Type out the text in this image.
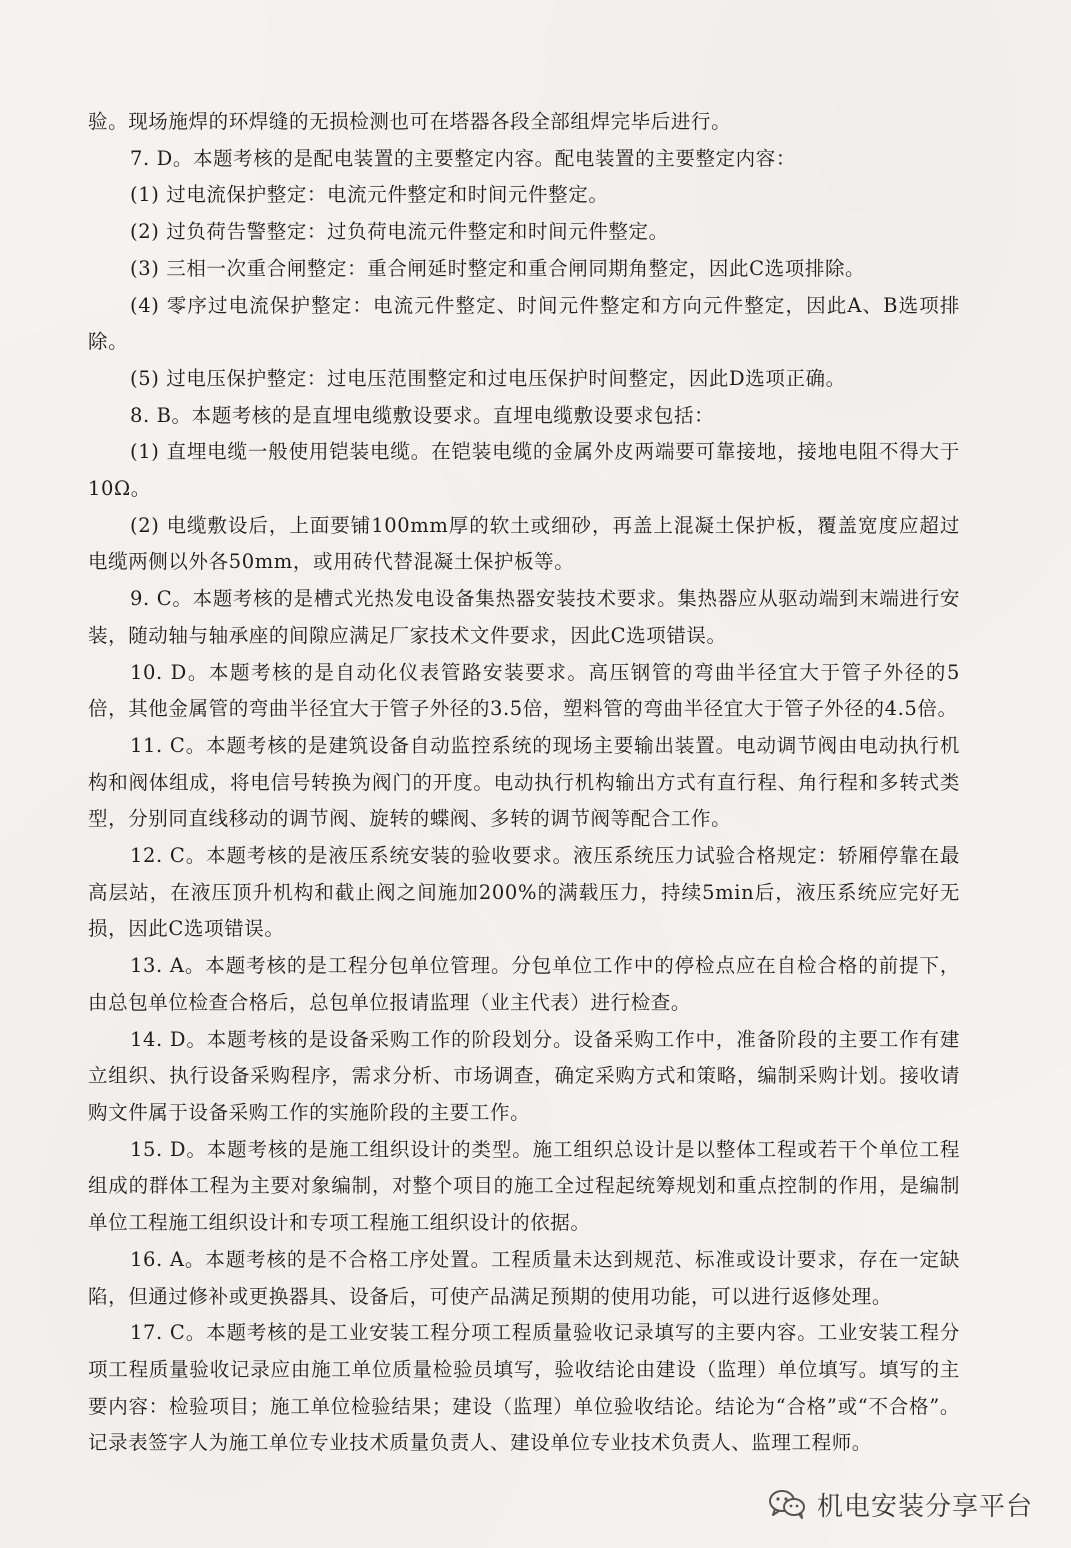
验。现场施焊的环焊缝的无损检测也可在塔器各段全部组焊完毕后进行。

7. D。本题考核的是配电装置的主要整定内容。配电装置的主要整定内容：

(1) 过电流保护整定：电流元件整定和时间元件整定。

(2) 过负荷告警整定：过负荷电流元件整定和时间元件整定。

(3) 三相一次重合闸整定：重合闸延时整定和重合闸同期角整定，因此C选项排除。

(4) 零序过电流保护整定：电流元件整定、时间元件整定和方向元件整定，因此A、B选项排除。

(5) 过电压保护整定：过电压范围整定和过电压保护时间整定，因此D选项正确。

8. B。本题考核的是直埋电缆敷设要求。直埋电缆敷设要求包括：

(1) 直埋电缆一般使用铠装电缆。在铠装电缆的金属外皮两端要可靠接地，接地电阻不得大于10Ω。

(2) 电缆敷设后，上面要铺100mm厚的软土或细砂，再盖上混凝土保护板，覆盖宽度应超过电缆两侧以外各50mm，或用砖代替混凝土保护板等。

9. C。本题考核的是槽式光热发电设备集热器安装技术要求。集热器应从驱动端到末端进行安装，随动轴与轴承座的间隙应满足厂家技术文件要求，因此C选项错误。

10. D。本题考核的是自动化仪表管路安装要求。高压钢管的弯曲半径宜大于管子外径的5倍，其他金属管的弯曲半径宜大于管子外径的3.5倍，塑料管的弯曲半径宜大于管子外径的4.5倍。

11. C。本题考核的是建筑设备自动监控系统的现场主要输出装置。电动调节阀由电动执行机构和阀体组成，将电信号转换为阀门的开度。电动执行机构输出方式有直行程、角行程和多转式类型，分别同直线移动的调节阀、旋转的蝶阀、多转的调节阀等配合工作。

12. C。本题考核的是液压系统安装的验收要求。液压系统压力试验合格规定：轿厢停靠在最高层站，在液压顶升机构和截止阀之间施加200%的满载压力，持续5min后，液压系统应完好无损，因此C选项错误。

13. A。本题考核的是工程分包单位管理。分包单位工作中的停检点应在自检合格的前提下，由总包单位检查合格后，总包单位报请监理（业主代表）进行检查。

14. D。本题考核的是设备采购工作的阶段划分。设备采购工作中，准备阶段的主要工作有建立组织、执行设备采购程序，需求分析、市场调查，确定采购方式和策略，编制采购计划。接收请购文件属于设备采购工作的实施阶段的主要工作。

15. D。本题考核的是施工组织设计的类型。施工组织总设计是以整体工程或若干个单位工程组成的群体工程为主要对象编制，对整个项目的施工全过程起统筹规划和重点控制的作用，是编制单位工程施工组织设计和专项工程施工组织设计的依据。

16. A。本题考核的是不合格工序处置。工程质量未达到规范、标准或设计要求，存在一定缺陷，但通过修补或更换器具、设备后，可使产品满足预期的使用功能，可以进行返修处理。

17. C。本题考核的是工业安装工程分项工程质量验收记录填写的主要内容。工业安装工程分项工程质量验收记录应由施工单位质量检验员填写，验收结论由建设（监理）单位填写。填写的主要内容：检验项目；施工单位检验结果；建设（监理）单位验收结论。结论为“合格”或“不合格”。记录表签字人为施工单位专业技术质量负责人、建设单位专业技术负责人、监理工程师。

机电安装分享平台
